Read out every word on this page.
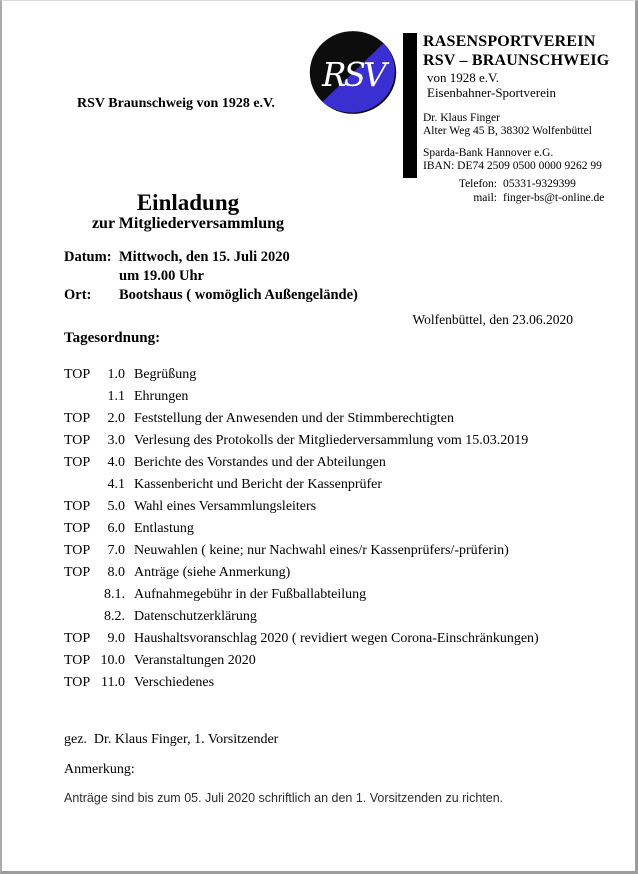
RSV Braunschweig von 1928 e.V.
RSV
RASENSPORTVEREIN
RSV – BRAUNSCHWEIG
von 1928 e.V.
Eisenbahner-Sportverein
Dr. Klaus Finger
Alter Weg 45 B, 38302 Wolfenbüttel
Sparda-Bank Hannover e.G.
IBAN: DE74 2509 0500 0000 9262 99
Telefon: 05331-9329399
mail: finger-bs@t-online.de
Einladung
zur Mitgliederversammlung
Datum: Mittwoch, den 15. Juli 2020
um 19.00 Uhr
Ort:	Bootshaus ( womöglich Außengelände)
Wolfenbüttel, den 23.06.2020
Tagesordnung:
TOP	1.0 Begrüßung
1.1 Ehrungen
TOP	2.0 Feststellung der Anwesenden und der Stimmberechtigten
TOP	3.0 Verlesung des Protokolls der Mitgliederversammlung vom 15.03.2019
TOP	4.0 Berichte des Vorstandes und der Abteilungen
4.1 Kassenbericht und Bericht der Kassenprüfer
TOP	5.0 Wahl eines Versammlungsleiters
TOP	6.0 Entlastung
TOP	7.0 Neuwahlen ( keine; nur Nachwahl eines/r Kassenprüfers/-prüferin)
TOP	8.0 Anträge (siehe Anmerkung)
8.1. Aufnahmegebühr in der Fußballabteilung
8.2. Datenschutzerklärung
TOP	9.0 Haushaltsvoranschlag 2020 ( revidiert wegen Corona-Einschränkungen)
TOP 10.0 Veranstaltungen 2020
TOP 11.0 Verschiedenes
gez.  Dr. Klaus Finger, 1. Vorsitzender
Anmerkung:
Anträge sind bis zum 05. Juli 2020 schriftlich an den 1. Vorsitzenden zu richten.
